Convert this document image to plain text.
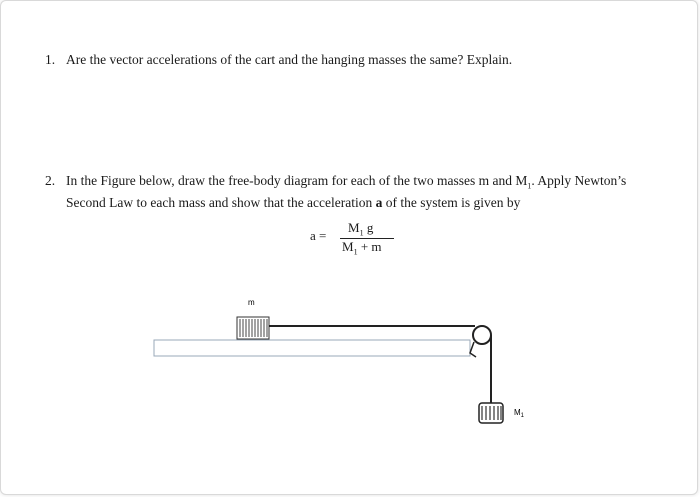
1. Are the vector accelerations of the cart and the hanging masses the same? Explain.
2. In the Figure below, draw the free-body diagram for each of the two masses m and $M_1$. Apply Newton’s
Second Law to each mass and show that the acceleration a of the system is given by
a =
$M_1$ g
$M_1 + m$
m
$M_1$
